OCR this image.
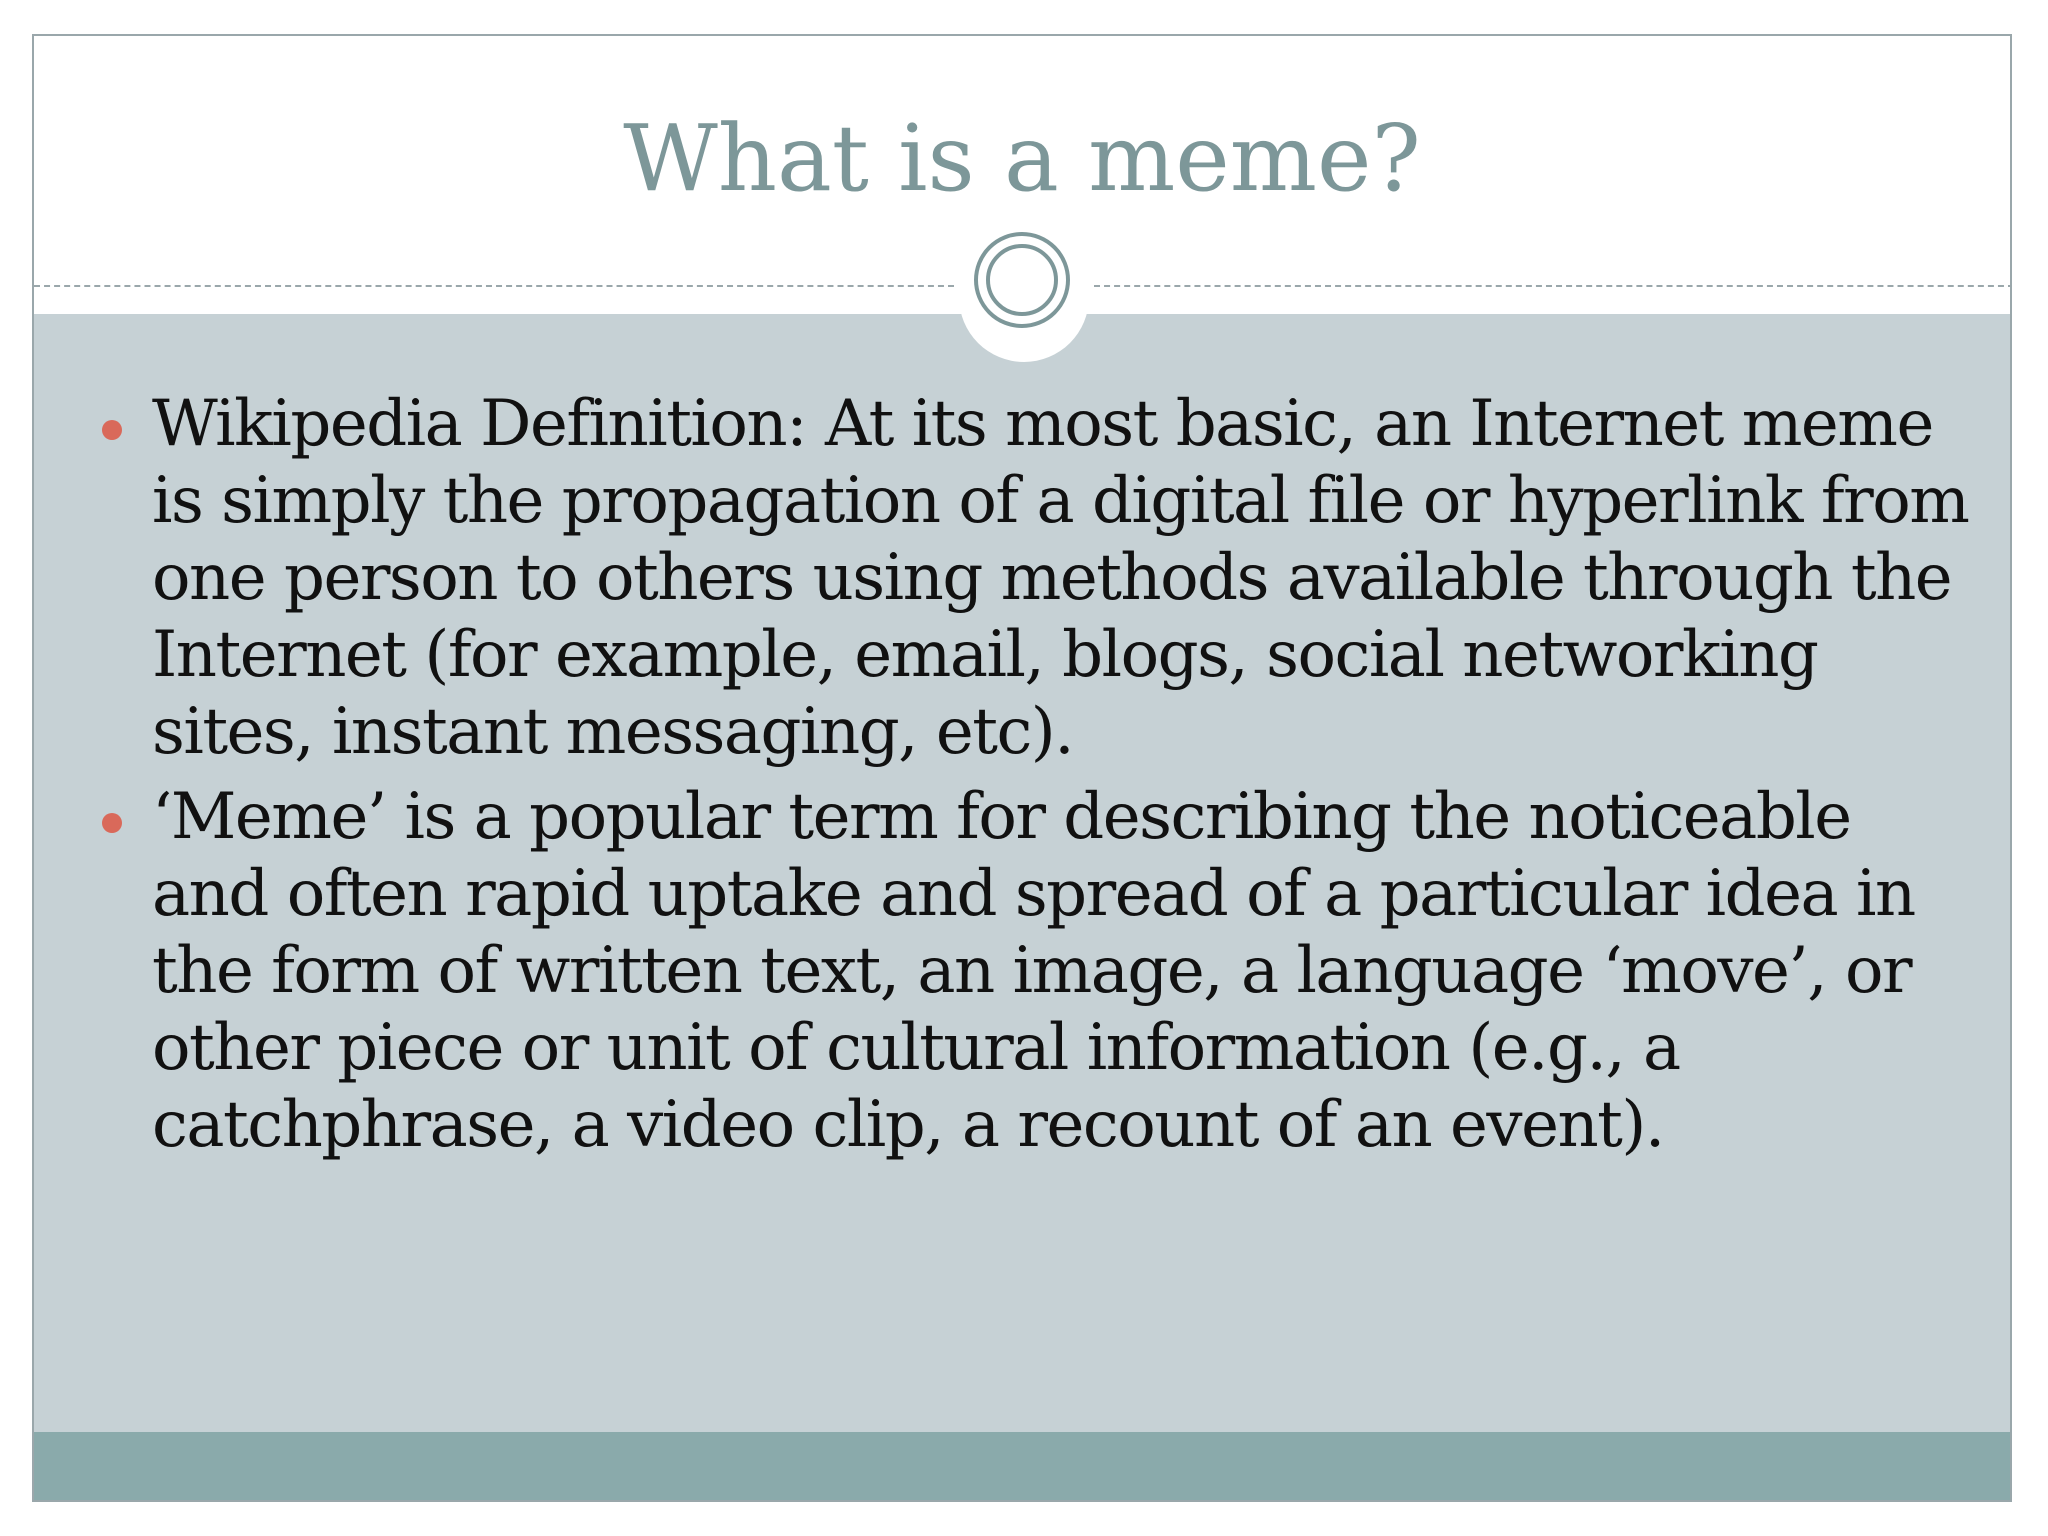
What is a meme?
Wikipedia Definition: At its most basic, an Internet meme is simply the propagation of a digital file or hyperlink from one person to others using methods available through the Internet (for example, email, blogs, social networking sites, instant messaging, etc).
‘Meme’ is a popular term for describing the noticeable and often rapid uptake and spread of a particular idea in the form of written text, an image, a language ‘move’, or other piece or unit of cultural information (e.g., a catchphrase, a video clip, a recount of an event).
